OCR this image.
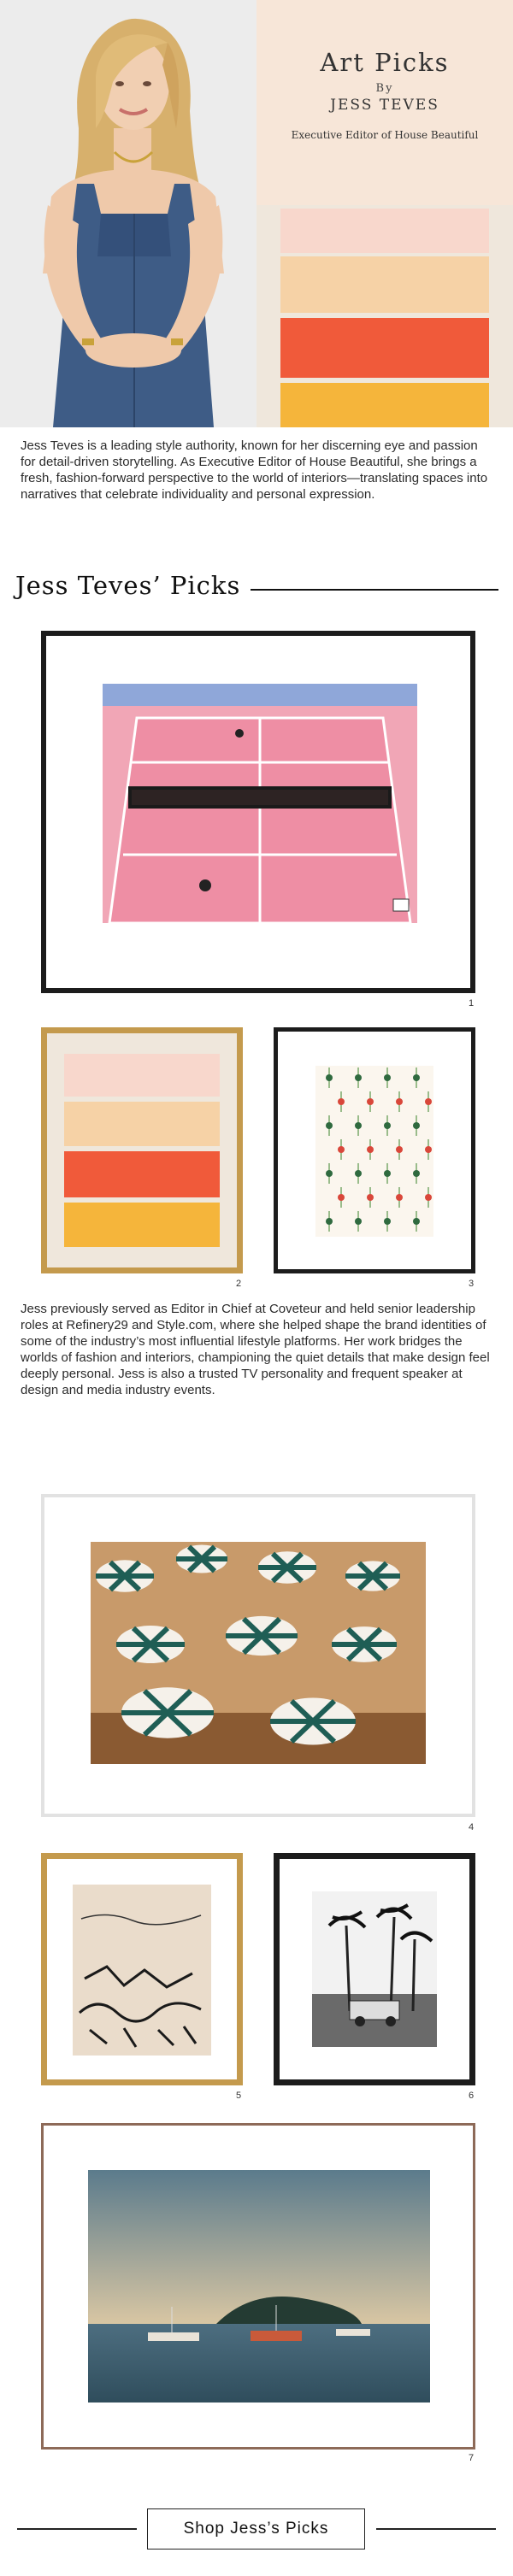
Art Picks
By
JESS TEVES
Executive Editor of House Beautiful
Jess Teves is a leading style authority, known for her discerning eye and passion for detail-driven storytelling. As Executive Editor of House Beautiful, she brings a fresh, fashion-forward perspective to the world of interiors—translating spaces into narratives that celebrate individuality and personal expression.
Jess Teves’ Picks
1
2	3
Jess previously served as Editor in Chief at Coveteur and held senior leadership roles at Refinery29 and Style.com, where she helped shape the brand identities of some of the industry’s most influential lifestyle platforms. Her work bridges the worlds of fashion and interiors, championing the quiet details that make design feel deeply personal. Jess is also a trusted TV personality and frequent speaker at design and media industry events.
4
5	6
7
Shop Jess’s Picks
